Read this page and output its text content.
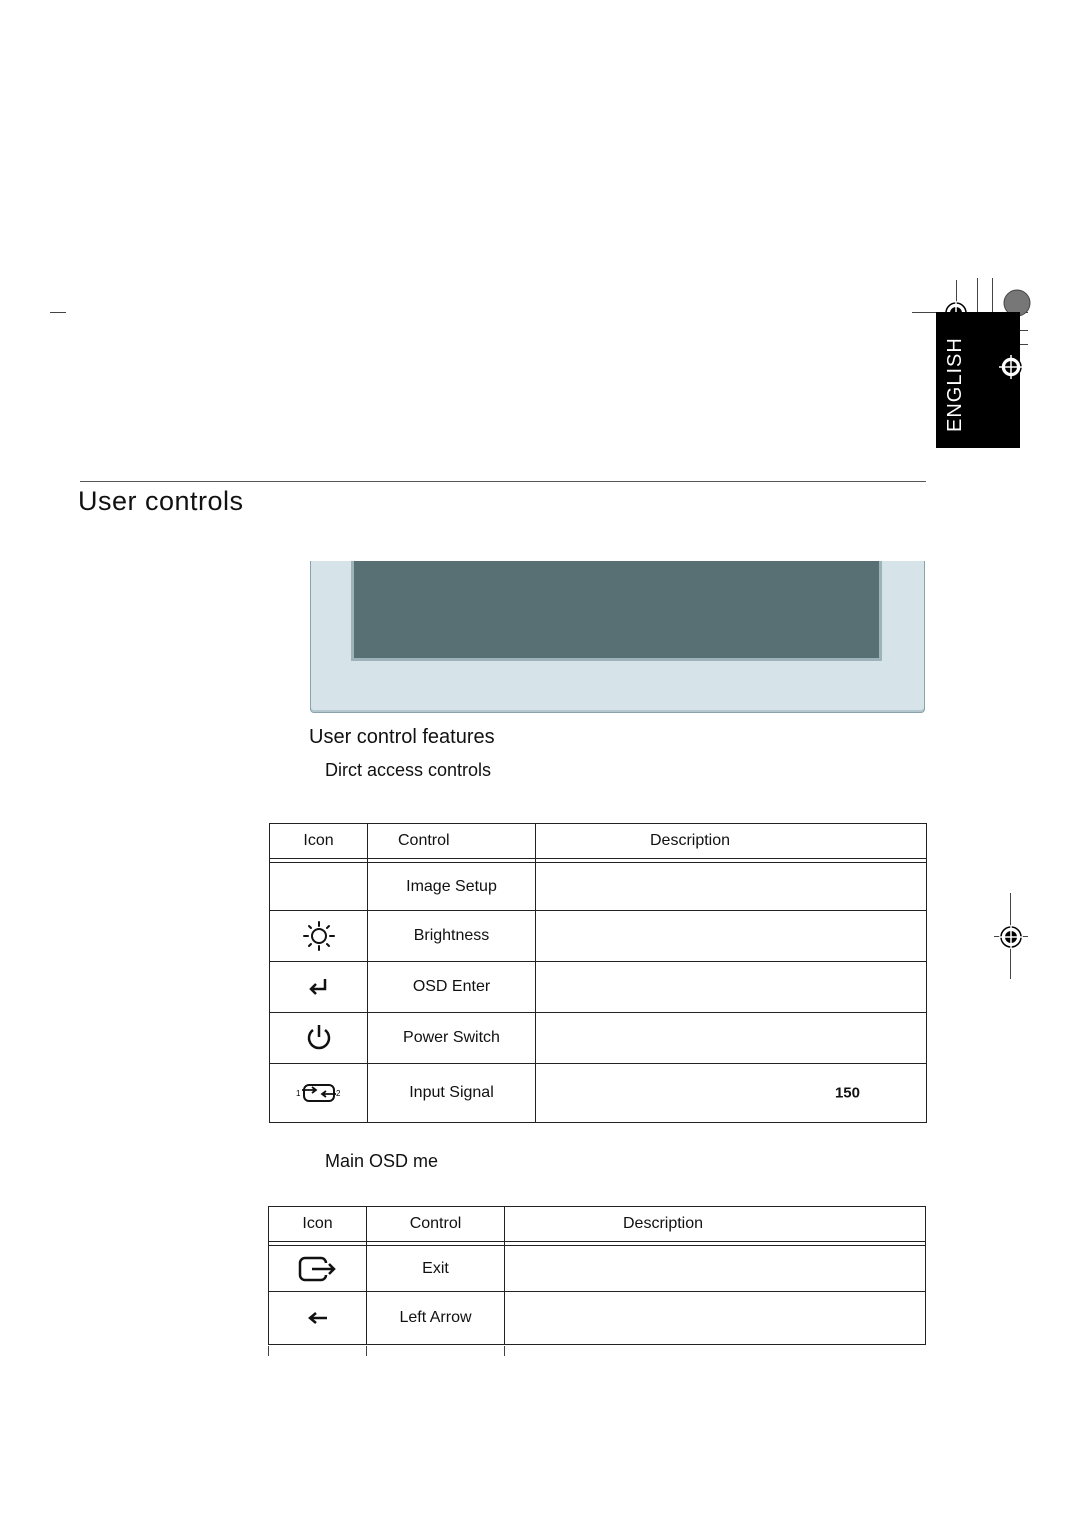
ENGLISH
User controls
User control features
Dirct access controls
Icon	Control	Description

	Image Setup	
	Brightness	
	OSD Enter	
	Power Switch	

1 2	Input Signal	150
Main OSD me
Icon	Control	Description

	Exit	
	Left Arrow	
